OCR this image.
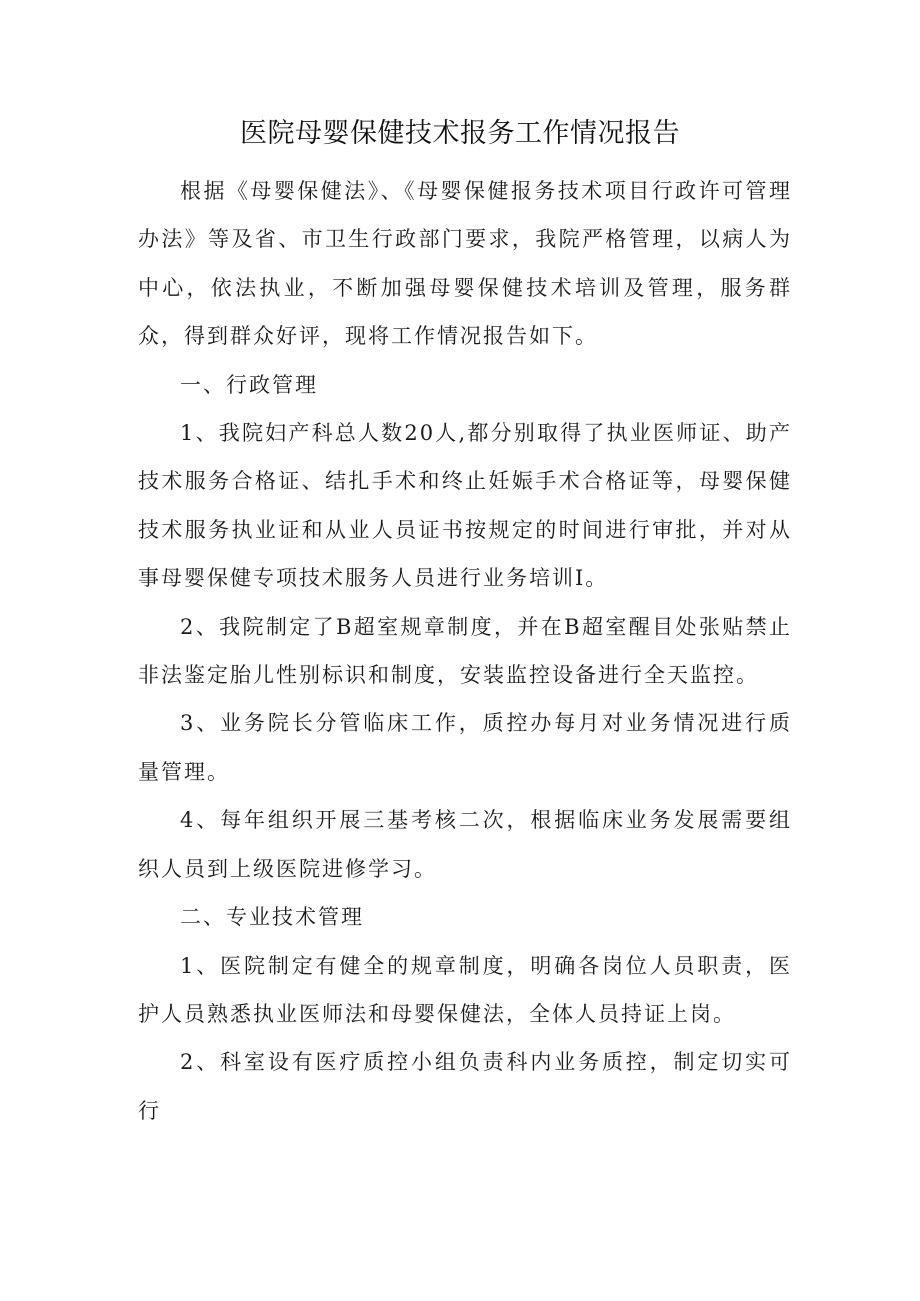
医院母婴保健技术报务工作情况报告

根据《母婴保健法》、《母婴保健报务技术项目行政许可管理办法》等及省、市卫生行政部门要求，我院严格管理，以病人为中心，依法执业，不断加强母婴保健技术培训及管理，服务群众，得到群众好评，现将工作情况报告如下。

一、行政管理

1、我院妇产科总人数20人,都分别取得了执业医师证、助产技术服务合格证、结扎手术和终止妊娠手术合格证等，母婴保健技术服务执业证和从业人员证书按规定的时间进行审批，并对从事母婴保健专项技术服务人员进行业务培训I。

2、我院制定了B超室规章制度，并在B超室醒目处张贴禁止非法鉴定胎儿性别标识和制度，安装监控设备进行全天监控。

3、业务院长分管临床工作，质控办每月对业务情况进行质量管理。

4、每年组织开展三基考核二次，根据临床业务发展需要组织人员到上级医院进修学习。

二、专业技术管理

1、医院制定有健全的规章制度，明确各岗位人员职责，医护人员熟悉执业医师法和母婴保健法，全体人员持证上岗。

2、科室设有医疗质控小组负责科内业务质控，制定切实可行
